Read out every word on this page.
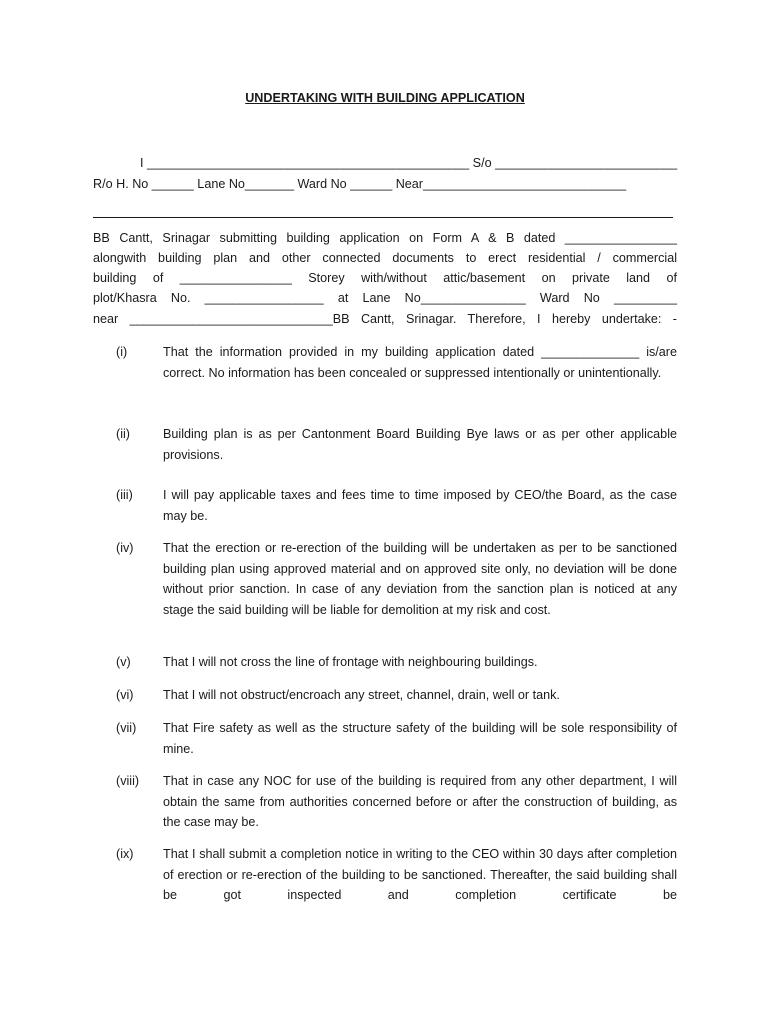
UNDERTAKING WITH BUILDING APPLICATION
I ______________________________________________ S/o __________________________
R/o H. No ______ Lane No_______ Ward No ______ Near_____________________________
BB Cantt, Srinagar submitting building application on Form A & B dated ________________
alongwith building plan and other connected documents to erect residential / commercial
building of ________________ Storey with/without attic/basement on private land of
plot/Khasra No. _________________ at Lane No_______________ Ward No _________
near _____________________________BB Cantt, Srinagar. Therefore, I hereby undertake: -
(i)	That the information provided in my building application dated ______________ is/are correct. No information has been concealed or suppressed intentionally or unintentionally.
(ii)	Building plan is as per Cantonment Board Building Bye laws or as per other applicable provisions.
(iii) I will pay applicable taxes and fees time to time imposed by CEO/the Board, as the case may be.
(iv) That the erection or re-erection of the building will be undertaken as per to be sanctioned building plan using approved material and on approved site only, no deviation will be done without prior sanction. In case of any deviation from the sanction plan is noticed at any stage the said building will be liable for demolition at my risk and cost.
(v)	That I will not cross the line of frontage with neighbouring buildings.
(vi) That I will not obstruct/encroach any street, channel, drain, well or tank.
(vii) That Fire safety as well as the structure safety of the building will be sole responsibility of mine.
(viii) That in case any NOC for use of the building is required from any other department, I will obtain the same from authorities concerned before or after the construction of building, as the case may be.
(ix) That I shall submit a completion notice in writing to the CEO within 30 days after completion of erection or re-erection of the building to be sanctioned. Thereafter, the said building shall be got inspected and completion certificate be
